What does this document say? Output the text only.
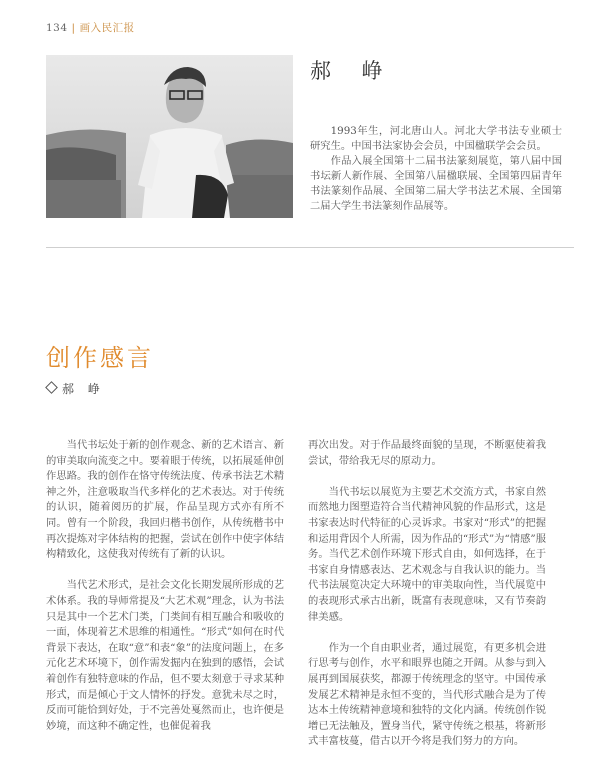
134 | 画入民汇报
郝 峥

1993年生，河北唐山人。河北大学书法专业硕士研究生。中国书法家协会会员，中国楹联学会会员。

作品入展全国第十二届书法篆刻展览，第八届中国书坛新人新作展、全国第八届楹联展、全国第四届青年书法篆刻作品展、全国第二届大学书法艺术展、全国第二届大学生书法篆刻作品展等。

创作感言
郝 峥

当代书坛处于新的创作观念、新的艺术语言、新的审美取向流变之中。要着眼于传统，以拓展延伸创作思路。我的创作在恪守传统法度、传承书法艺术精神之外，注意吸取当代多样化的艺术表达。对于传统的认识，随着阅历的扩展，作品呈现方式亦有所不同。曾有一个阶段，我回归楷书创作，从传统楷书中再次提炼对字体结构的把握，尝试在创作中使字体结构精致化，这使我对传统有了新的认识。

当代艺术形式，是社会文化长期发展所形成的艺术体系。我的导师常提及“大艺术观”理念，认为书法只是其中一个艺术门类，门类间有相互融合和吸收的一面，体现着艺术思维的相通性。“形式”如何在时代背景下表达，在取“意”和表“象”的法度问题上，在多元化艺术环境下，创作需发掘内在独到的感悟，会试着创作有独特意味的作品，但不要太刻意于寻求某种形式，而是倾心于文人情怀的抒发。意犹未尽之时，反而可能恰到好处，于不完善处戛然而止，也许便是妙境，而这种不确定性，也催促着我

再次出发。对于作品最终面貌的呈现，不断驱使着我尝试，带给我无尽的原动力。

当代书坛以展览为主要艺术交流方式，书家自然而然地力图塑造符合当代精神风貌的作品形式，这是书家表达时代特征的心灵诉求。书家对“形式”的把握和运用背因个人所需，因为作品的“形式”为“情感”服务。当代艺术创作环境下形式自由，如何选择，在于书家自身情感表达、艺术观念与自我认识的能力。当代书法展览决定大环境中的审美取向性，当代展览中的表现形式承古出新，既富有表现意味，又有节奏韵律美感。

作为一个自由职业者，通过展览，有更多机会进行思考与创作，水平和眼界也随之开阔。从参与到入展再到国展获奖，都源于传统理念的坚守。中国传承发展艺术精神是永恒不变的，当代形式融合是为了传达本土传统精神意境和独特的文化内涵。传统创作锐增已无法触及，置身当代，紧守传统之根基，将新形式丰富枝蔓，借古以开今将是我们努力的方向。
